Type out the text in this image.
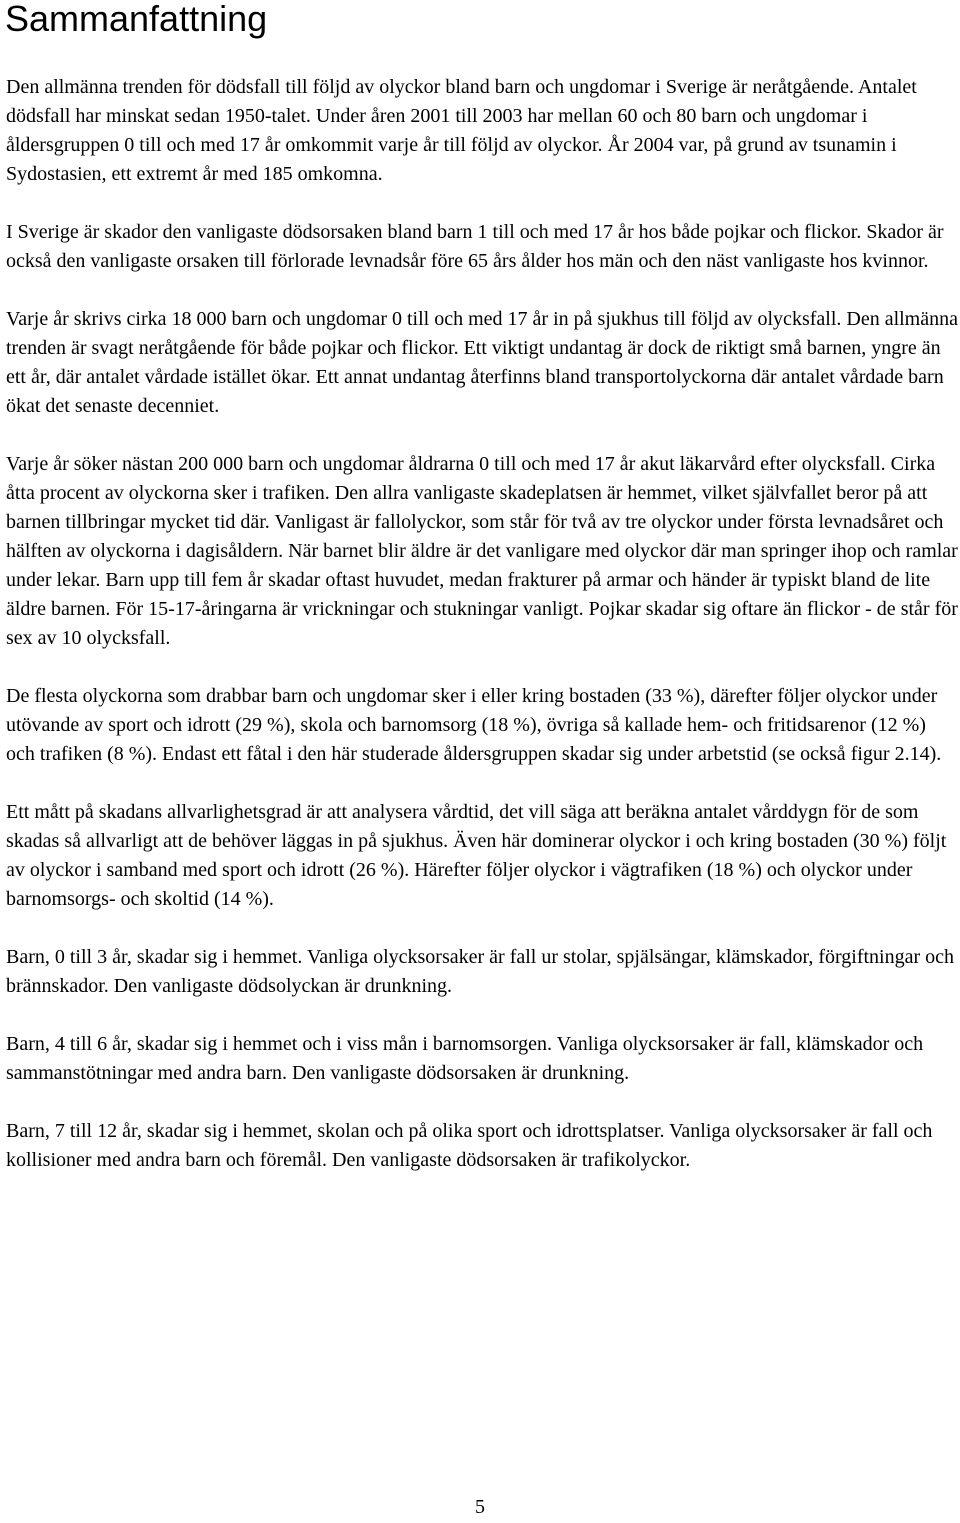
Sammanfattning

Den allmänna trenden för dödsfall till följd av olyckor bland barn och ungdomar i Sverige är neråtgående. Antalet dödsfall har minskat sedan 1950-talet. Under åren 2001 till 2003 har mellan 60 och 80 barn och ungdomar i åldersgruppen 0 till och med 17 år omkommit varje år till följd av olyckor. År 2004 var, på grund av tsunamin i Sydostasien, ett extremt år med 185 omkomna.

I Sverige är skador den vanligaste dödsorsaken bland barn 1 till och med 17 år hos både pojkar och flickor. Skador är också den vanligaste orsaken till förlorade levnadsår före 65 års ålder hos män och den näst vanligaste hos kvinnor.

Varje år skrivs cirka 18 000 barn och ungdomar 0 till och med 17 år in på sjukhus till följd av olycksfall. Den allmänna trenden är svagt neråtgående för både pojkar och flickor. Ett viktigt undantag är dock de riktigt små barnen, yngre än ett år, där antalet vårdade istället ökar. Ett annat undantag återfinns bland transportolyckorna där antalet vårdade barn ökat det senaste decenniet.

Varje år söker nästan 200 000 barn och ungdomar åldrarna 0 till och med 17 år akut läkarvård efter olycksfall. Cirka åtta procent av olyckorna sker i trafiken. Den allra vanligaste skadeplatsen är hemmet, vilket självfallet beror på att barnen tillbringar mycket tid där. Vanligast är fallolyckor, som står för två av tre olyckor under första levnadsåret och hälften av olyckorna i dagisåldern. När barnet blir äldre är det vanligare med olyckor där man springer ihop och ramlar under lekar. Barn upp till fem år skadar oftast huvudet, medan frakturer på armar och händer är typiskt bland de lite äldre barnen. För 15-17-åringarna är vrickningar och stukningar vanligt. Pojkar skadar sig oftare än flickor - de står för sex av 10 olycksfall.

De flesta olyckorna som drabbar barn och ungdomar sker i eller kring bostaden (33 %), därefter följer olyckor under utövande av sport och idrott (29 %), skola och barnomsorg (18 %), övriga så kallade hem- och fritidsarenor (12 %) och trafiken (8 %). Endast ett fåtal i den här studerade åldersgruppen skadar sig under arbetstid (se också figur 2.14).

Ett mått på skadans allvarlighetsgrad är att analysera vårdtid, det vill säga att beräkna antalet vårddygn för de som skadas så allvarligt att de behöver läggas in på sjukhus. Även här dominerar olyckor i och kring bostaden (30 %) följt av olyckor i samband med sport och idrott (26 %). Härefter följer olyckor i vägtrafiken (18 %) och olyckor under barnomsorgs- och skoltid (14 %).

Barn, 0 till 3 år, skadar sig i hemmet. Vanliga olycksorsaker är fall ur stolar, spjälsängar, klämskador, förgiftningar och brännskador. Den vanligaste dödsolyckan är drunkning.

Barn, 4 till 6 år, skadar sig i hemmet och i viss mån i barnomsorgen. Vanliga olycksorsaker är fall, klämskador och sammanstötningar med andra barn. Den vanligaste dödsorsaken är drunkning.

Barn, 7 till 12 år, skadar sig i hemmet, skolan och på olika sport och idrottsplatser. Vanliga olycksorsaker är fall och kollisioner med andra barn och föremål. Den vanligaste dödsorsaken är trafikolyckor.

5
